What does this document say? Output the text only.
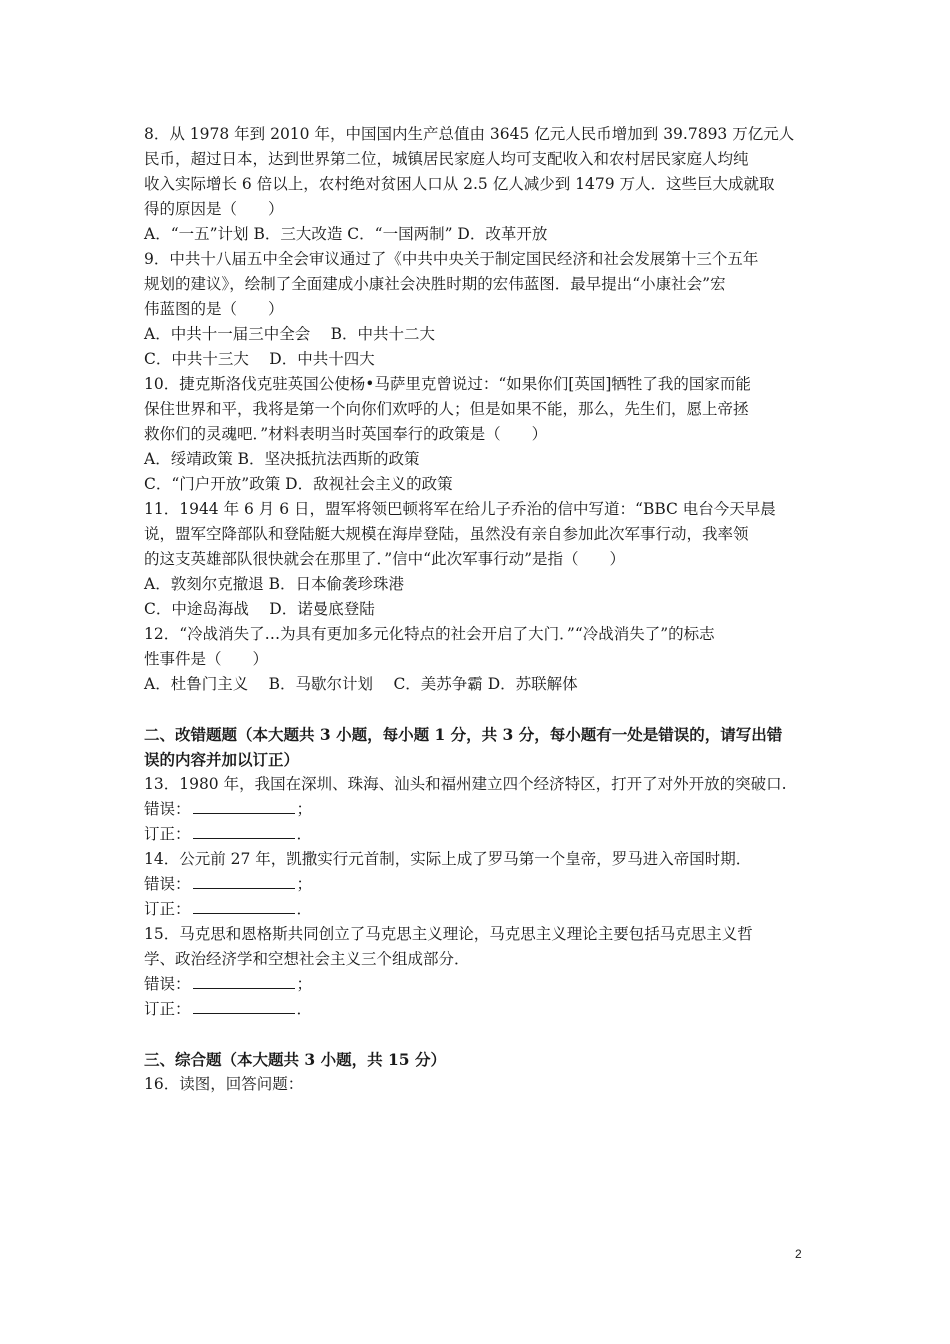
8．从 1978 年到 2010 年，中国国内生产总值由 3645 亿元人民币增加到 39.7893 万亿元人
民币，超过日本，达到世界第二位，城镇居民家庭人均可支配收入和农村居民家庭人均纯
收入实际增长 6 倍以上，农村绝对贫困人口从 2.5 亿人减少到 1479 万人．这些巨大成就取
得的原因是（　　）
A．“一五”计划 B．三大改造 C．“一国两制” D．改革开放
9．中共十八届五中全会审议通过了《中共中央关于制定国民经济和社会发展第十三个五年
规划的建议》，绘制了全面建成小康社会决胜时期的宏伟蓝图．最早提出“小康社会”宏
伟蓝图的是（　　）
A．中共十一届三中全会　 B．中共十二大
C．中共十三大　 D．中共十四大
10．捷克斯洛伐克驻英国公使杨•马萨里克曾说过：“如果你们[英国]牺牲了我的国家而能
保住世界和平，我将是第一个向你们欢呼的人；但是如果不能，那么，先生们，愿上帝拯
救你们的灵魂吧．”材料表明当时英国奉行的政策是（　　）
A．绥靖政策 B．坚决抵抗法西斯的政策
C．“门户开放”政策 D．敌视社会主义的政策
11．1944 年 6 月 6 日，盟军将领巴顿将军在给儿子乔治的信中写道：“BBC 电台今天早晨
说，盟军空降部队和登陆艇大规模在海岸登陆，虽然没有亲自参加此次军事行动，我率领
的这支英雄部队很快就会在那里了．”信中“此次军事行动”是指（　　）
A．敦刻尔克撤退 B．日本偷袭珍珠港
C．中途岛海战　 D．诺曼底登陆
12．“冷战消失了…为具有更加多元化特点的社会开启了大门．”“冷战消失了”的标志
性事件是（　　）
A．杜鲁门主义　 B．马歇尔计划　 C．美苏争霸 D．苏联解体
二、改错题题（本大题共 3 小题，每小题 1 分，共 3 分，每小题有一处是错误的，请写出错
误的内容并加以订正）
13．1980 年，我国在深圳、珠海、汕头和福州建立四个经济特区，打开了对外开放的突破口.
错误：	；
订正：	．
14．公元前 27 年，凯撒实行元首制，实际上成了罗马第一个皇帝，罗马进入帝国时期．
错误：	；
订正：	．
15．马克思和恩格斯共同创立了马克思主义理论，马克思主义理论主要包括马克思主义哲
学、政治经济学和空想社会主义三个组成部分．
错误：	；
订正：	．
三、综合题（本大题共 3 小题，共 15 分）
16．读图，回答问题：
2
